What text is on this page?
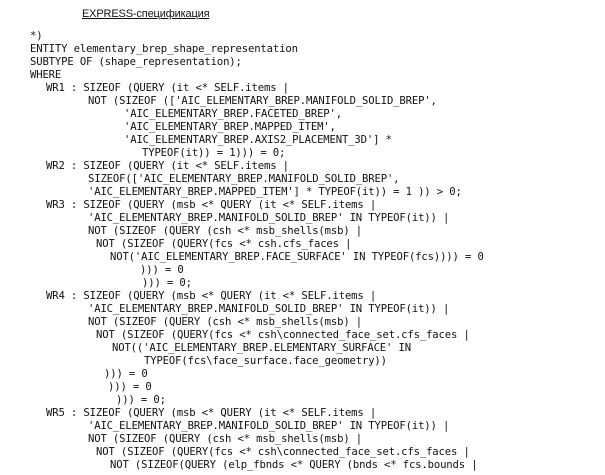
EXPRESS-спецификация
*)
ENTITY elementary_brep_shape_representation
SUBTYPE OF (shape_representation);
WHERE
WR1 : SIZEOF (QUERY (it <* SELF.items |
NOT (SIZEOF (['AIC_ELEMENTARY_BREP.MANIFOLD_SOLID_BREP',
'AIC_ELEMENTARY_BREP.FACETED_BREP',
'AIC_ELEMENTARY_BREP.MAPPED_ITEM',
'AIC_ELEMENTARY_BREP.AXIS2_PLACEMENT_3D'] *
TYPEOF(it)) = 1))) = 0;
WR2 : SIZEOF (QUERY (it <* SELF.items |
SIZEOF(['AIC_ELEMENTARY_BREP.MANIFOLD_SOLID_BREP',
'AIC_ELEMENTARY_BREP.MAPPED_ITEM'] * TYPEOF(it)) = 1 )) > 0;
WR3 : SIZEOF (QUERY (msb <* QUERY (it <* SELF.items |
'AIC_ELEMENTARY_BREP.MANIFOLD_SOLID_BREP' IN TYPEOF(it)) |
NOT (SIZEOF (QUERY (csh <* msb_shells(msb) |
NOT (SIZEOF (QUERY(fcs <* csh.cfs_faces |
NOT('AIC_ELEMENTARY_BREP.FACE_SURFACE' IN TYPEOF(fcs)))) = 0
))) = 0
))) = 0;
WR4 : SIZEOF (QUERY (msb <* QUERY (it <* SELF.items |
'AIC_ELEMENTARY_BREP.MANIFOLD_SOLID_BREP' IN TYPEOF(it)) |
NOT (SIZEOF (QUERY (csh <* msb_shells(msb) |
NOT (SIZEOF (QUERY(fcs <* csh\connected_face_set.cfs_faces |
NOT(('AIC_ELEMENTARY_BREP.ELEMENTARY_SURFACE' IN
TYPEOF(fcs\face_surface.face_geometry))
))) = 0
))) = 0
))) = 0;
WR5 : SIZEOF (QUERY (msb <* QUERY (it <* SELF.items |
'AIC_ELEMENTARY_BREP.MANIFOLD_SOLID_BREP' IN TYPEOF(it)) |
NOT (SIZEOF (QUERY (csh <* msb_shells(msb) |
NOT (SIZEOF (QUERY(fcs <* csh\connected_face_set.cfs_faces |
NOT (SIZEOF(QUERY (elp_fbnds <* QUERY (bnds <* fcs.bounds |
